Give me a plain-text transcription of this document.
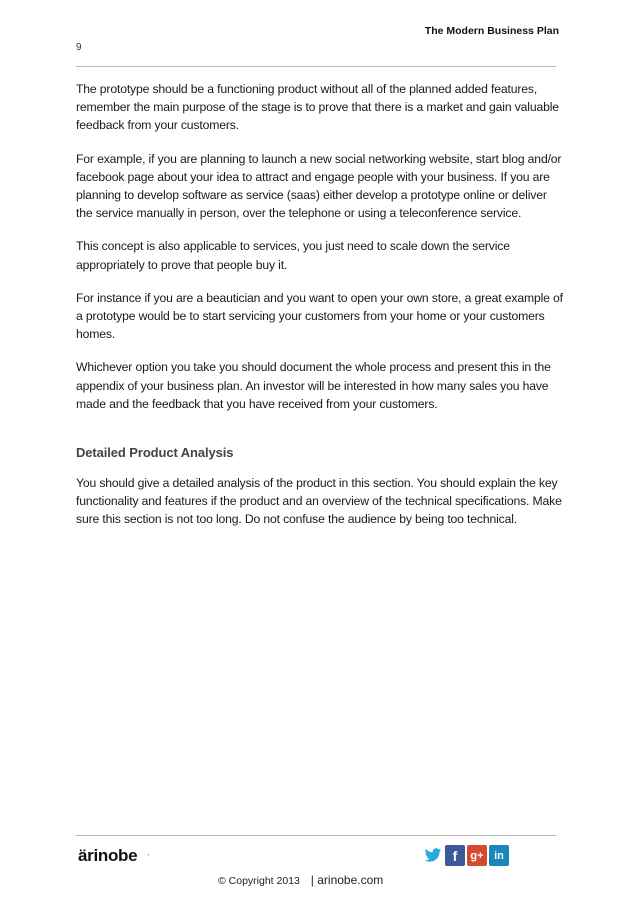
The Modern Business Plan
9

The prototype should be a functioning product without all of the planned added features, remember the main purpose of the stage is to prove that there is a market and gain valuable feedback from your customers.

For example, if you are planning to launch a new social networking website, start blog and/or facebook page about your idea to attract and engage people with your business. If you are planning to develop software as service (saas) either develop a prototype online or deliver the service manually in person, over the telephone or using a teleconference service.

This concept is also applicable to services, you just need to scale down the service appropriately to prove that people buy it.

For instance if you are a beautician and you want to open your own store, a great example of a prototype would be to start servicing your customers from your home or your customers homes.

Whichever option you take you should document the whole process and present this in the appendix of your business plan. An investor will be interested in how many sales you have made and the feedback that you have received from your customers.

Detailed Product Analysis

You should give a detailed analysis of the product in this section. You should explain the key functionality and features if the product and an overview of the technical specifications. Make sure this section is not too long. Do not confuse the audience by being too technical.

ärinobe `	f	g+ in
© Copyright 2013 | arinobe.com
